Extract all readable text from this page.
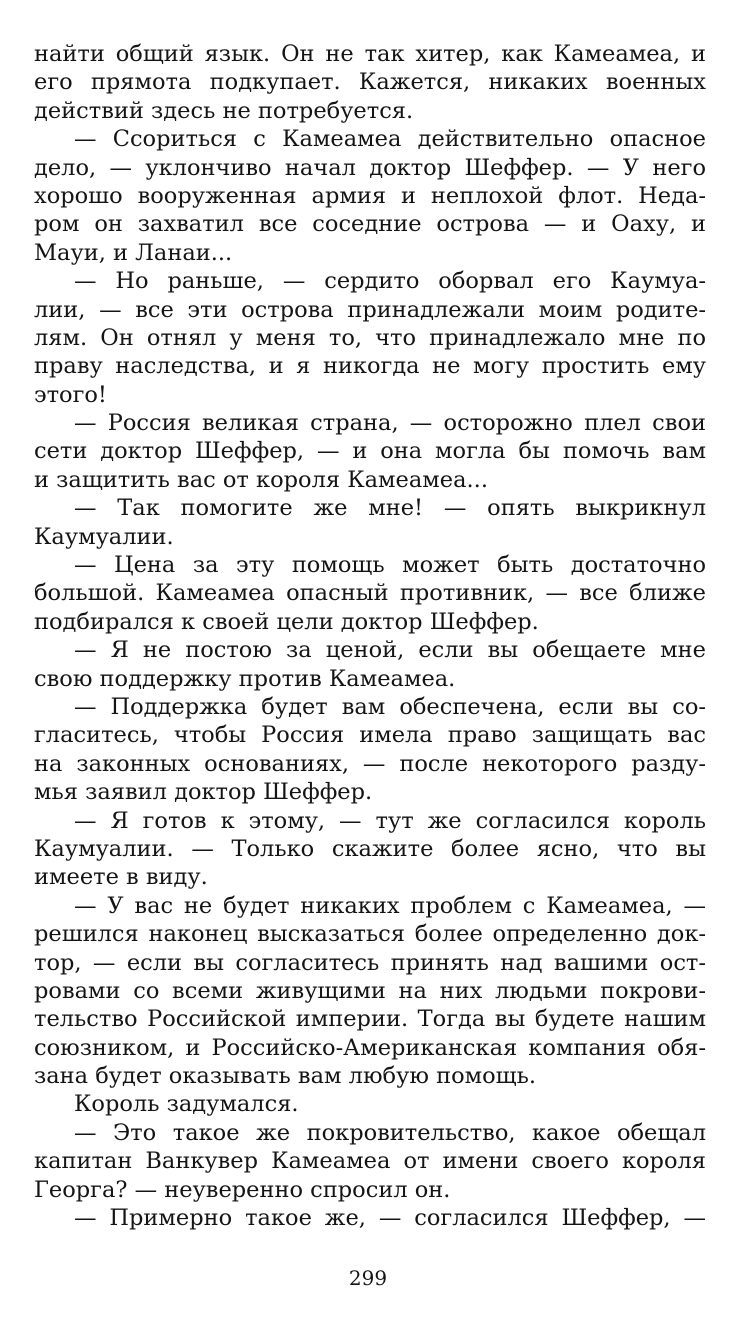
найти общий язык. Он не так хитер, как Камеамеа, и
его прямота подкупает. Кажется, никаких военных
действий здесь не потребуется.
— Ссориться с Камеамеа действительно опасное
дело, — уклончиво начал доктор Шеффер. — У него
хорошо вооруженная армия и неплохой флот. Неда-
ром он захватил все соседние острова — и Оаху, и
Мауи, и Ланаи...
— Но раньше, — сердито оборвал его Каумуа-
лии, — все эти острова принадлежали моим родите-
лям. Он отнял у меня то, что принадлежало мне по
праву наследства, и я никогда не могу простить ему
этого!
— Россия великая страна, — осторожно плел свои
сети доктор Шеффер, — и она могла бы помочь вам
и защитить вас от короля Камеамеа...
— Так помогите же мне! — опять выкрикнул
Каумуалии.
— Цена за эту помощь может быть достаточно
большой. Камеамеа опасный противник, — все ближе
подбирался к своей цели доктор Шеффер.
— Я не постою за ценой, если вы обещаете мне
свою поддержку против Камеамеа.
— Поддержка будет вам обеспечена, если вы со-
гласитесь, чтобы Россия имела право защищать вас
на законных основаниях, — после некоторого разду-
мья заявил доктор Шеффер.
— Я готов к этому, — тут же согласился король
Каумуалии. — Только скажите более ясно, что вы
имеете в виду.
— У вас не будет никаких проблем с Камеамеа, —
решился наконец высказаться более определенно док-
тор, — если вы согласитесь принять над вашими ост-
ровами со всеми живущими на них людьми покрови-
тельство Российской империи. Тогда вы будете нашим
союзником, и Российско-Американская компания обя-
зана будет оказывать вам любую помощь.
Король задумался.
— Это такое же покровительство, какое обещал
капитан Ванкувер Камеамеа от имени своего короля
Георга? — неуверенно спросил он.
— Примерно такое же, — согласился Шеффер, —
299
